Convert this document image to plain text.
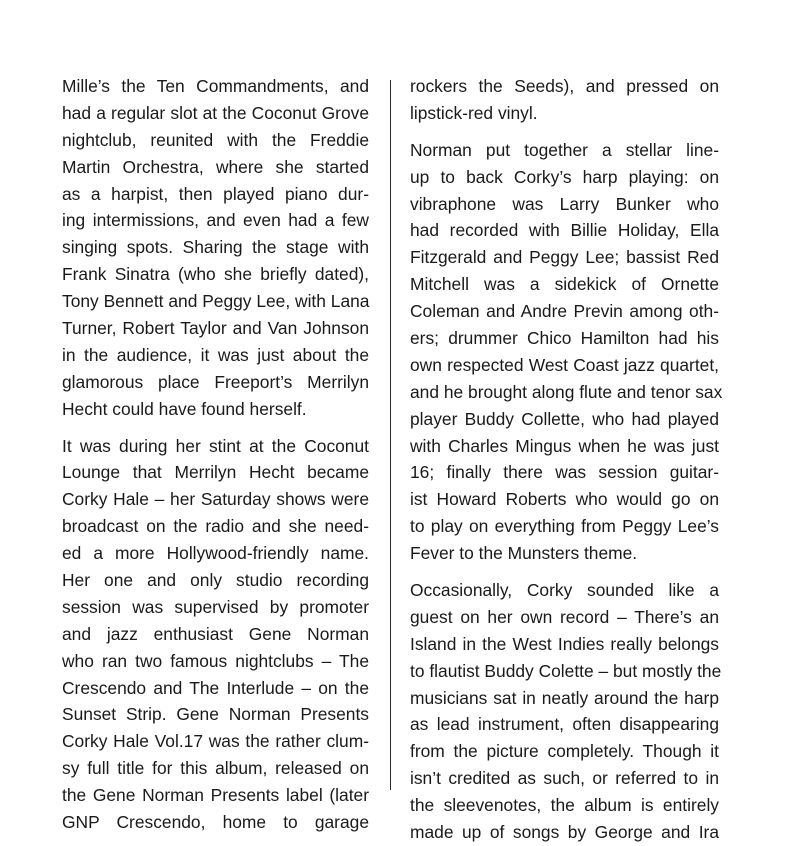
Mille’s the Ten Commandments, and
had a regular slot at the Coconut Grove
nightclub, reunited with the Freddie
Martin Orchestra, where she started
as a harpist, then played piano dur-
ing intermissions, and even had a few
singing spots. Sharing the stage with
Frank Sinatra (who she briefly dated),
Tony Bennett and Peggy Lee, with Lana
Turner, Robert Taylor and Van Johnson
in the audience, it was just about the
glamorous place Freeport’s Merrilyn
Hecht could have found herself.
It was during her stint at the Coconut
Lounge that Merrilyn Hecht became
Corky Hale – her Saturday shows were
broadcast on the radio and she need-
ed a more Hollywood-friendly name.
Her one and only studio recording
session was supervised by promoter
and jazz enthusiast Gene Norman
who ran two famous nightclubs – The
Crescendo and The Interlude – on the
Sunset Strip. Gene Norman Presents
Corky Hale Vol.17 was the rather clum-
sy full title for this album, released on
the Gene Norman Presents label (later
GNP Crescendo, home to garage
rockers the Seeds), and pressed on
lipstick-red vinyl.
Norman put together a stellar line-
up to back Corky’s harp playing: on
vibraphone was Larry Bunker who
had recorded with Billie Holiday, Ella
Fitzgerald and Peggy Lee; bassist Red
Mitchell was a sidekick of Ornette
Coleman and Andre Previn among oth-
ers; drummer Chico Hamilton had his
own respected West Coast jazz quartet,
and he brought along flute and tenor sax
player Buddy Collette, who had played
with Charles Mingus when he was just
16; finally there was session guitar-
ist Howard Roberts who would go on
to play on everything from Peggy Lee’s
Fever to the Munsters theme.
Occasionally, Corky sounded like a
guest on her own record – There’s an
Island in the West Indies really belongs
to flautist Buddy Colette – but mostly the
musicians sat in neatly around the harp
as lead instrument, often disappearing
from the picture completely. Though it
isn’t credited as such, or referred to in
the sleevenotes, the album is entirely
made up of songs by George and Ira
